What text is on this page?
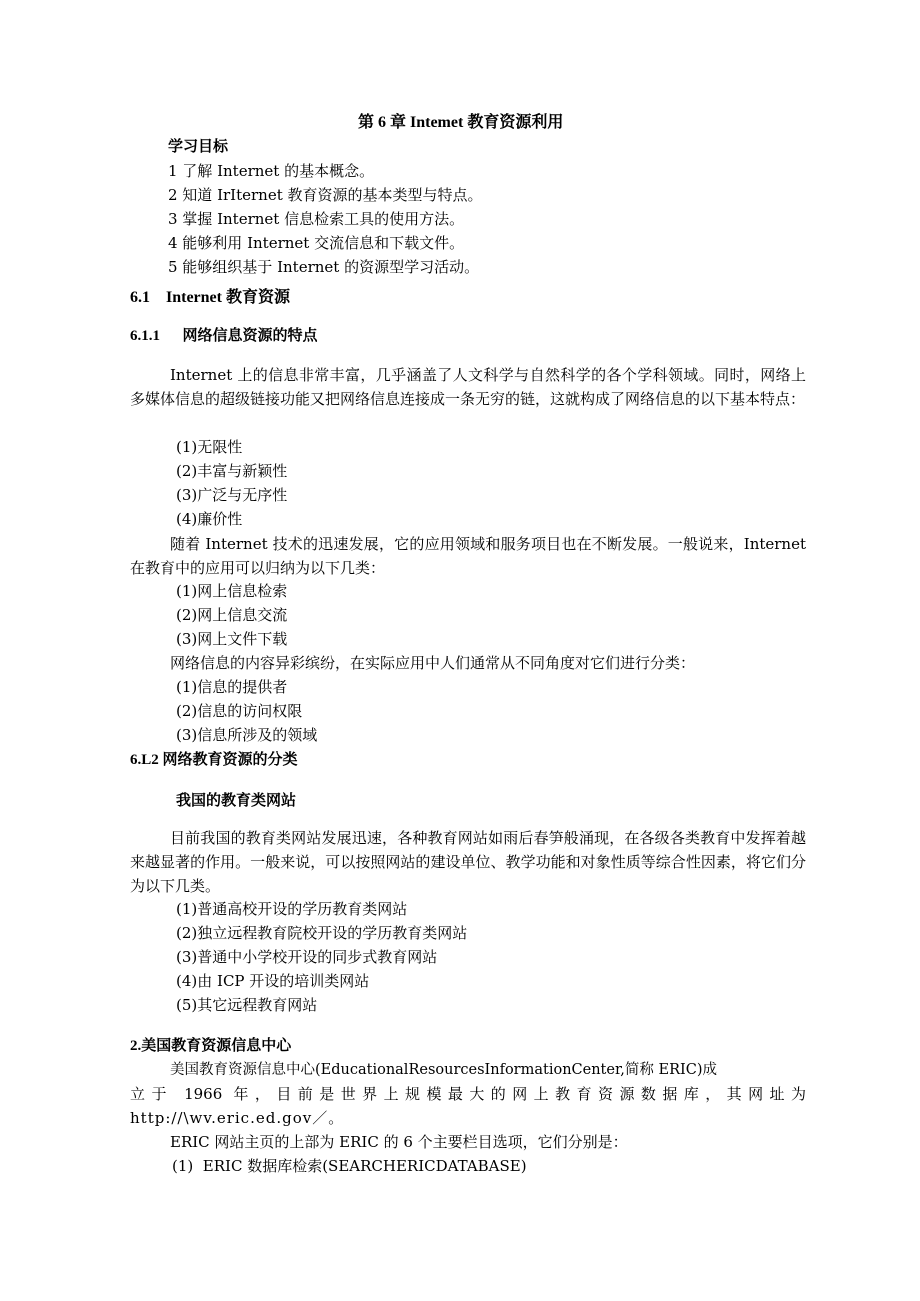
第 6 章 Intemet 教育资源利用
学习目标
1 了解 Internet 的基本概念。
2 知道 IrIternet 教育资源的基本类型与特点。
3 掌握 Internet 信息检索工具的使用方法。
4 能够利用 Internet 交流信息和下载文件。
5 能够组织基于 Internet 的资源型学习活动。
6.1    Internet 教育资源
6.1.1      网络信息资源的特点
Internet 上的信息非常丰富，几乎涵盖了人文科学与自然科学的各个学科领域。同时，网络上多媒体信息的超级链接功能又把网络信息连接成一条无穷的链，这就构成了网络信息的以下基本特点：
(1)无限性
(2)丰富与新颖性
(3)广泛与无序性
(4)廉价性
随着 Internet 技术的迅速发展，它的应用领域和服务项目也在不断发展。一般说来，Internet 在教育中的应用可以归纳为以下几类：
(1)网上信息检索
(2)网上信息交流
(3)网上文件下载
网络信息的内容异彩缤纷，在实际应用中人们通常从不同角度对它们进行分类：
(1)信息的提供者
(2)信息的访问权限
(3)信息所涉及的领域
6.L2 网络教育资源的分类
我国的教育类网站
目前我国的教育类网站发展迅速，各种教育网站如雨后春笋般涌现，在各级各类教育中发挥着越来越显著的作用。一般来说，可以按照网站的建设单位、教学功能和对象性质等综合性因素，将它们分为以下几类。
(1)普通高校开设的学历教育类网站
(2)独立远程教育院校开设的学历教育类网站
(3)普通中小学校开设的同步式教育网站
(4)由 ICP 开设的培训类网站
(5)其它远程教育网站
2.美国教育资源信息中心
美国教育资源信息中心(EducationalResourcesInformationCenter,简称 ERIC)成
立于 1966 年，目前是世界上规模最大的网上教育资源数据库，其网址为
http://\wv.eric.ed.gov／。
ERIC 网站主页的上部为 ERIC 的 6 个主要栏目选项，它们分别是：
(1)  ERIC 数据库检索(SEARCHERICDATABASE)
